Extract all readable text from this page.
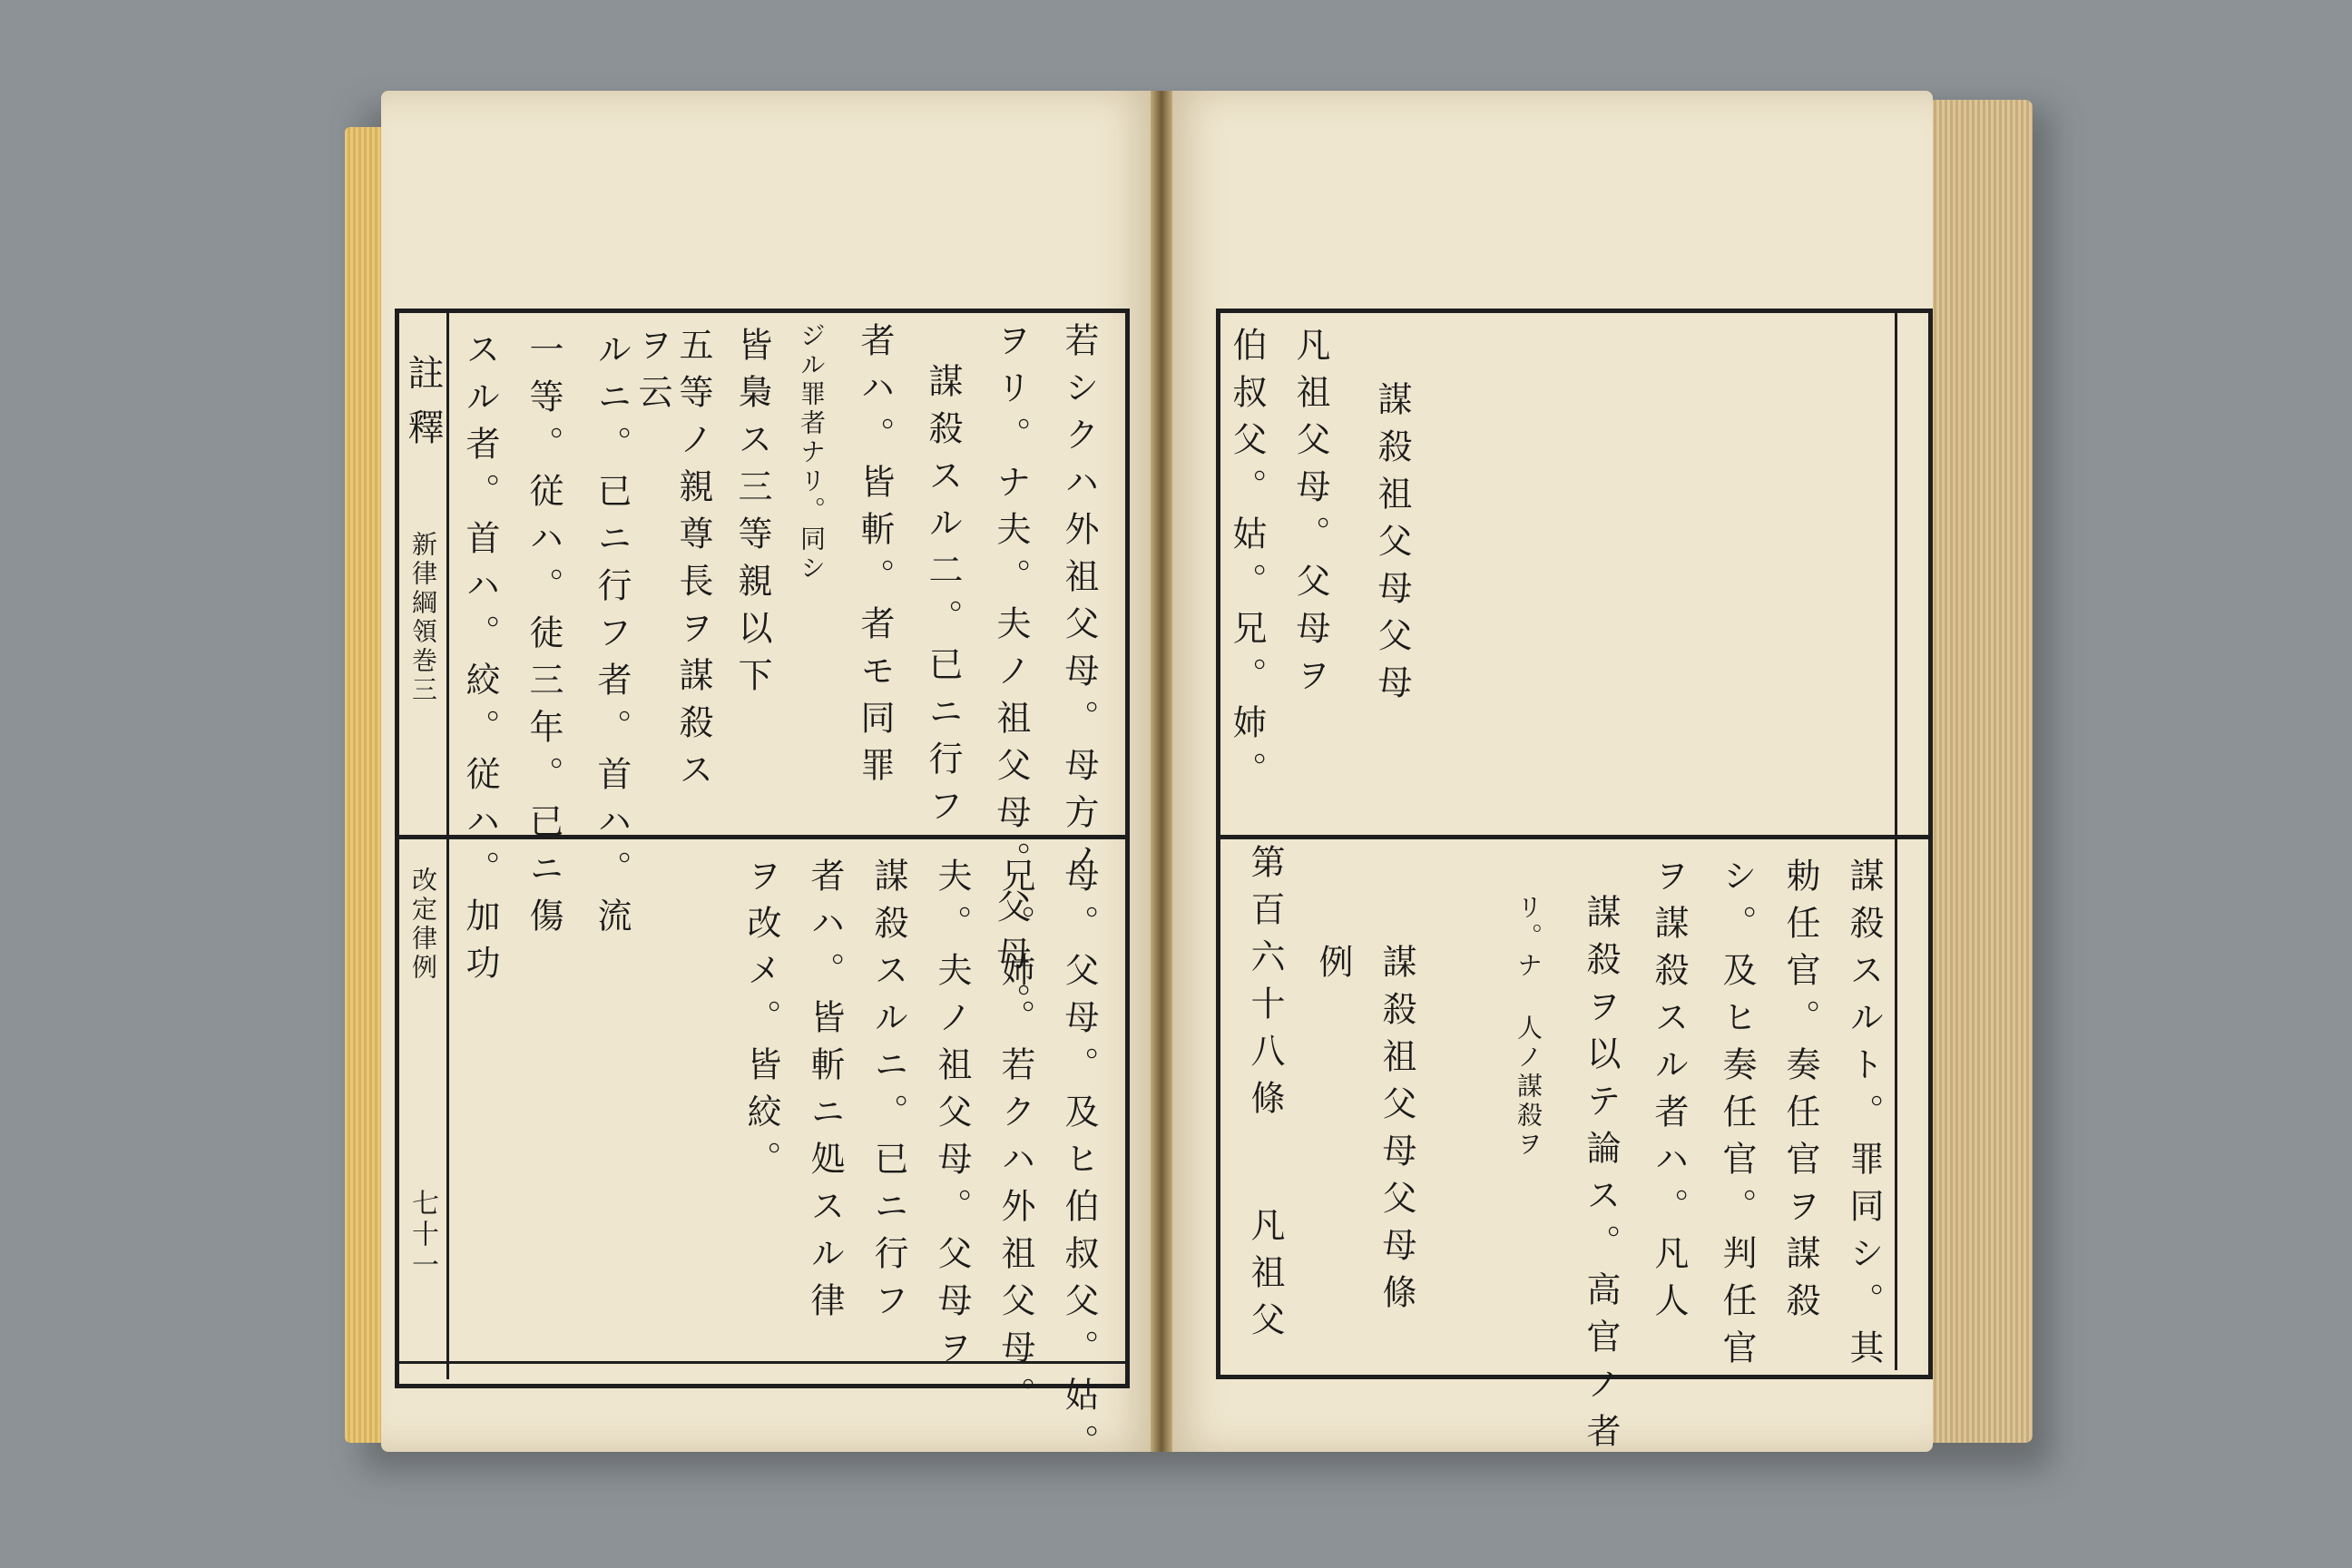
註釋
新律綱領巻三
改定律例
七十一
若シクハ外祖父母。母方ノ
ヲリ。ナ夫。夫ノ祖父母。父母。
謀殺スル二。已ニ行フ
者ハ。皆斬。者モ同罪
ジル罪者ナリ。同シ
皆梟ス三等親以下
五等ノ親尊長ヲ謀殺ス
ヲ云
ルニ。已ニ行フ者。首ハ。流
一等。従ハ。徒三年。已ニ傷
スル者。首ハ。絞。従ハ。加功
母。父母。及ヒ伯叔父。姑。
兄。姉。若クハ外祖父母。
夫。夫ノ祖父母。父母ヲ
謀殺スルニ。已ニ行フ
者ハ。皆斬ニ処スル律
ヲ改メ。皆絞。
凡祖父母。父母ヲ 謀殺祖父母父母
伯叔父。姑。兄。姉。
謀殺スルト。罪同シ。其
勅任官。奏任官ヲ謀殺
シ。及ヒ奏任官。判任官
ヲ謀殺スル者ハ。凡人
謀殺ヲ以テ論ス。高官ノ者
リ。ナ 人ノ謀殺ヲ
謀殺祖父母父母條
例
第百六十八條
凡祖父
